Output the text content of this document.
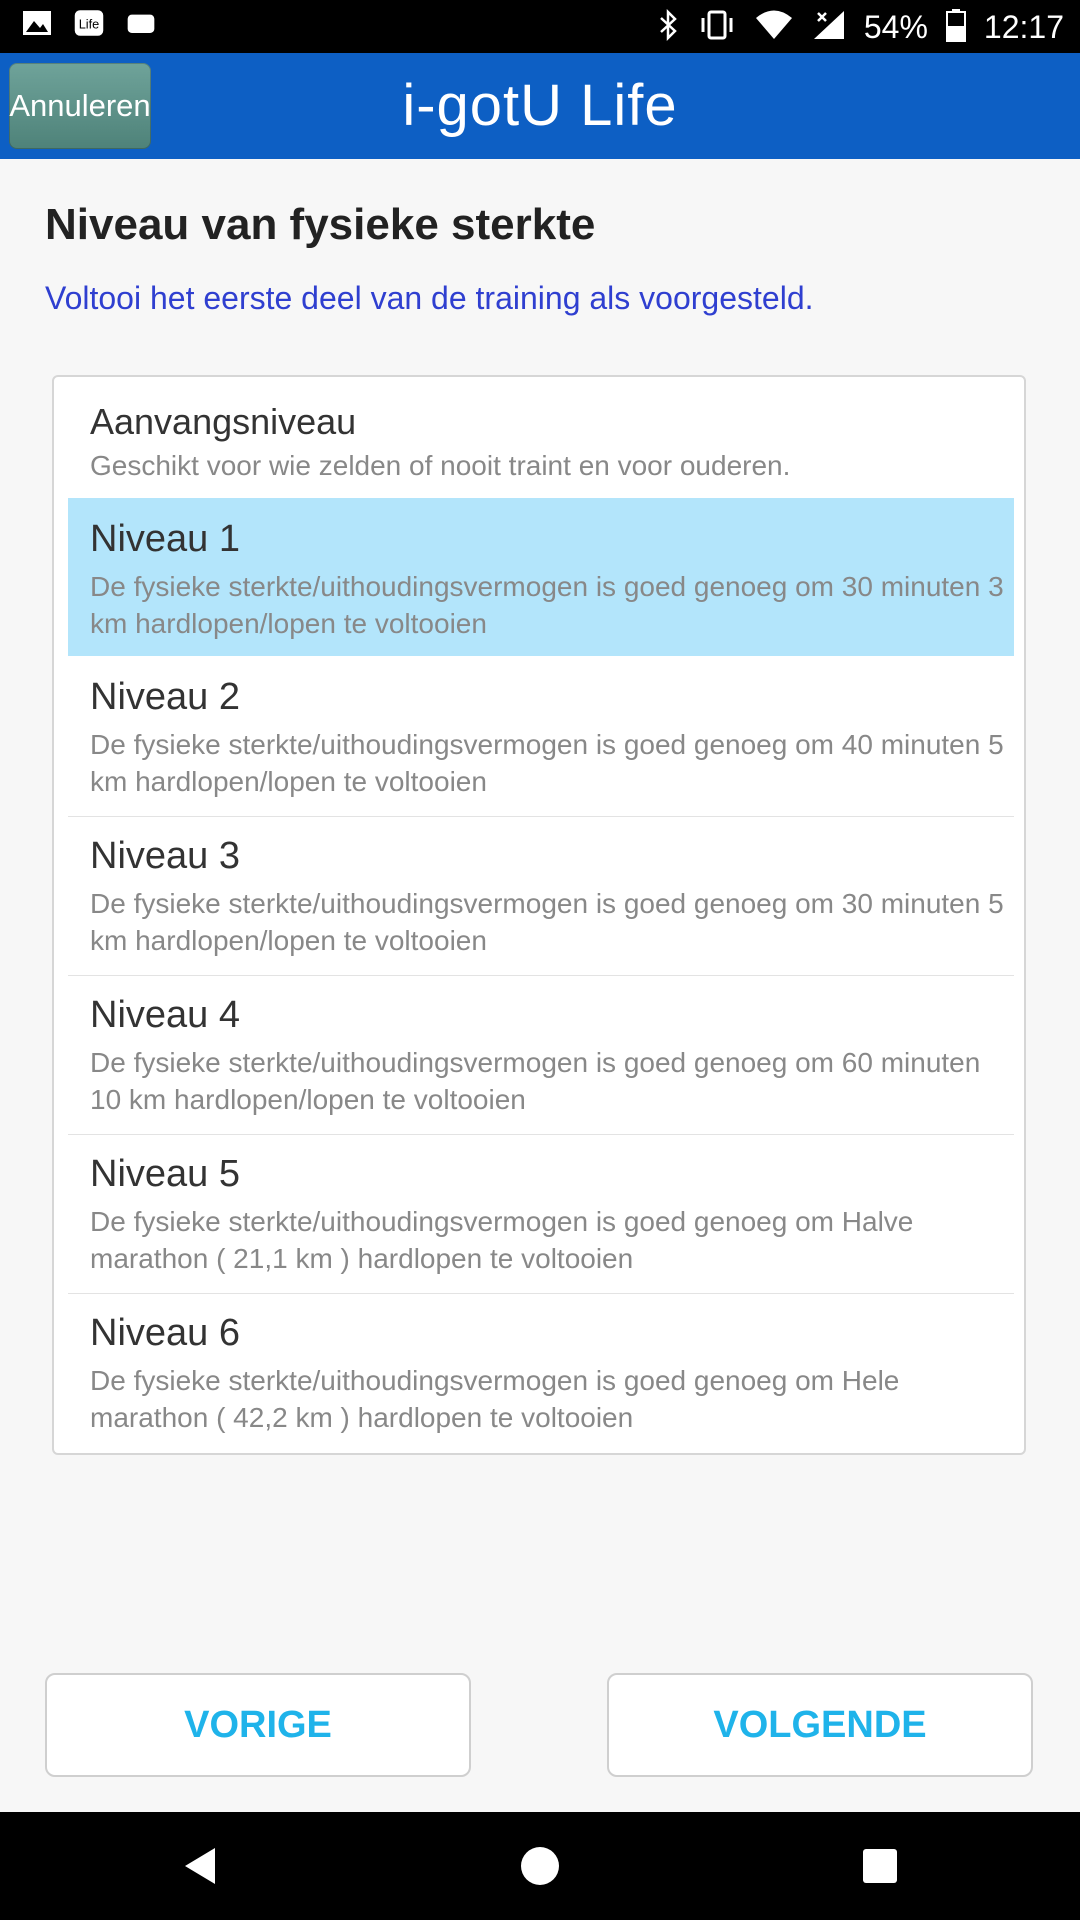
Life	54% 12:17
Annuleren	i-gotU Life
Niveau van fysieke sterkte
Voltooi het eerste deel van de training als voorgesteld.
Aanvangsniveau
Geschikt voor wie zelden of nooit traint en voor ouderen.
Niveau 1
De fysieke sterkte/uithoudingsvermogen is goed genoeg om 30 minuten 3 km hardlopen/lopen te voltooien
Niveau 2
De fysieke sterkte/uithoudingsvermogen is goed genoeg om 40 minuten 5 km hardlopen/lopen te voltooien
Niveau 3
De fysieke sterkte/uithoudingsvermogen is goed genoeg om 30 minuten 5 km hardlopen/lopen te voltooien
Niveau 4
De fysieke sterkte/uithoudingsvermogen is goed genoeg om 60 minuten 10 km hardlopen/lopen te voltooien
Niveau 5
De fysieke sterkte/uithoudingsvermogen is goed genoeg om Halve marathon ( 21,1 km ) hardlopen te voltooien
Niveau 6
De fysieke sterkte/uithoudingsvermogen is goed genoeg om Hele marathon ( 42,2 km ) hardlopen te voltooien
VORIGE	VOLGENDE
